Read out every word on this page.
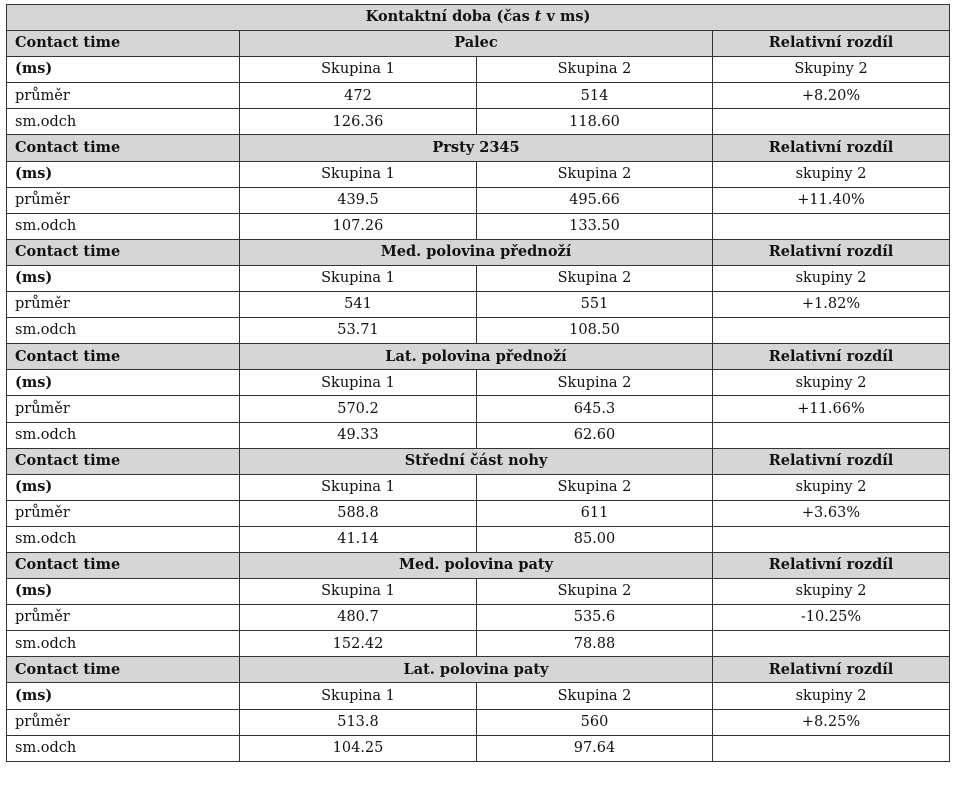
Kontaktní doba (čas t v ms)			
Contact time	Palec		Relativní rozdíl
(ms)	Skupina 1	Skupina 2	Skupiny 2
průměr	472	514	+8.20%
sm.odch	126.36	118.60	
Contact time	Prsty 2345		Relativní rozdíl
(ms)	Skupina 1	Skupina 2	skupiny 2
průměr	439.5	495.66	+11.40%
sm.odch	107.26	133.50	
Contact time	Med. polovina přednoží		Relativní rozdíl
(ms)	Skupina 1	Skupina 2	skupiny 2
průměr	541	551	+1.82%
sm.odch	53.71	108.50	
Contact time	Lat. polovina přednoží		Relativní rozdíl
(ms)	Skupina 1	Skupina 2	skupiny 2
průměr	570.2	645.3	+11.66%
sm.odch	49.33	62.60	
Contact time	Střední část nohy		Relativní rozdíl
(ms)	Skupina 1	Skupina 2	skupiny 2
průměr	588.8	611	+3.63%
sm.odch	41.14	85.00	
Contact time	Med. polovina paty		Relativní rozdíl
(ms)	Skupina 1	Skupina 2	skupiny 2
průměr	480.7	535.6	-10.25%
sm.odch	152.42	78.88	
Contact time	Lat. polovina paty		Relativní rozdíl
(ms)	Skupina 1	Skupina 2	skupiny 2
průměr	513.8	560	+8.25%
sm.odch	104.25	97.64	
